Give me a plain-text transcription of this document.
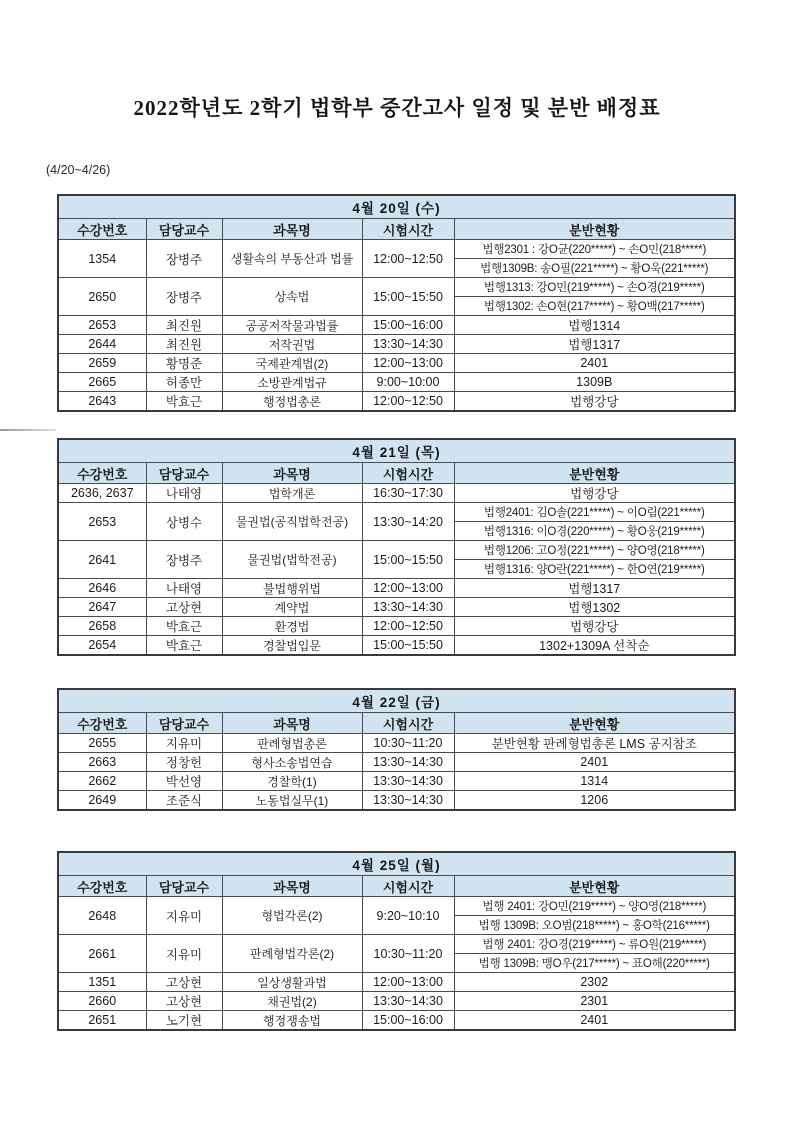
2022학년도 2학기 법학부 중간고사 일정 및 분반 배정표
(4/20~4/26)
4월 20일 (수)				
수강번호	담당교수	과목명	시험시간	분반현황
1354	장병주	생활속의 부동산과 법률	12:00~12:50	법행2301 : 강O균(220*****) ~ 손O민(218*****)
				법행1309B: 송O필(221*****) ~ 황O욱(221*****)
2650	장병주	상속법	15:00~15:50	법행1313: 강O민(219*****) ~ 손O경(219*****)
				법행1302: 손O현(217*****) ~ 황O백(217*****)
2653	최진원	공공저작물과법률	15:00~16:00	법행1314
2644	최진원	저작권법	13:30~14:30	법행1317
2659	황명준	국제관계법(2)	12:00~13:00	2401
2665	허종만	소방관계법규	9:00~10:00	1309B
2643	박효근	행정법총론	12:00~12:50	법행강당
4월 21일 (목)				
수강번호	담당교수	과목명	시험시간	분반현황
2636, 2637	나태영	법학개론	16:30~17:30	법행강당
2653	상병수	물권법(공직법학전공)	13:30~14:20	법행2401: 김O솔(221*****) ~ 이O림(221*****)
				법행1316: 이O경(220*****) ~ 황O웅(219*****)
2641	장병주	물권법(법학전공)	15:00~15:50	법행1206: 고O정(221*****) ~ 양O영(218*****)
				법행1316: 양O란(221*****) ~ 한O연(219*****)
2646	나태영	불법행위법	12:00~13:00	법행1317
2647	고상현	계약법	13:30~14:30	법행1302
2658	박효근	환경법	12:00~12:50	법행강당
2654	박효근	경찰법입문	15:00~15:50	1302+1309A 선착순
4월 22일 (금)				
수강번호	담당교수	과목명	시험시간	분반현황
2655	지유미	판례형법총론	10:30~11:20	분반현황 판례형법총론 LMS 공지참조
2663	정창헌	형사소송법연습	13:30~14:30	2401
2662	박선영	경찰학(1)	13:30~14:30	1314
2649	조준식	노동법실무(1)	13:30~14:30	1206
4월 25일 (월)				
수강번호	담당교수	과목명	시험시간	분반현황
2648	지유미	형법각론(2)	9:20~10:10	법행 2401: 강O민(219*****) ~ 양O영(218*****)
				법행 1309B: 오O범(218*****) ~ 홍O학(216*****)
2661	지유미	판례형법각론(2)	10:30~11:20	법행 2401: 강O경(219*****) ~ 류O원(219*****)
				법행 1309B: 맹O우(217*****) ~ 표O해(220*****)
1351	고상현	일상생활과법	12:00~13:00	2302
2660	고상현	채권법(2)	13:30~14:30	2301
2651	노기현	행정쟁송법	15:00~16:00	2401
